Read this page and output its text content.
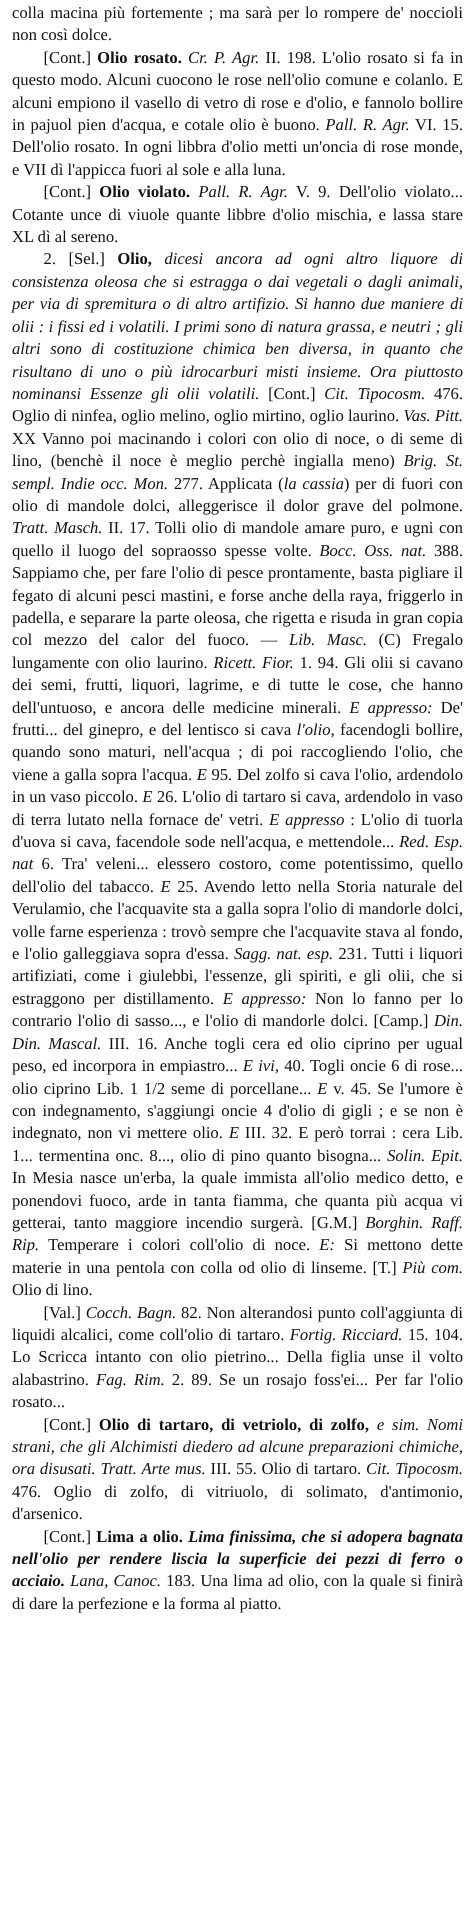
colla macina più fortemente ; ma sarà per lo rompere de' noccioli non così dolce.

[Cont.] Olio rosato. Cr. P. Agr. II. 198. L'olio rosato si fa in questo modo. Alcuni cuocono le rose nell'olio comune e colanlo. E alcuni empiono il vasello di vetro di rose e d'olio, e fannolo bollire in pajuol pien d'acqua, e cotale olio è buono. Pall. R. Agr. VI. 15. Dell'olio rosato. In ogni libbra d'olio metti un'oncia di rose monde, e VII dì l'appicca fuori al sole e alla luna.

[Cont.] Olio violato. Pall. R. Agr. V. 9. Dell'olio violato... Cotante unce di viuole quante libbre d'olio mischia, e lassa stare XL dì al sereno.

2. [Sel.] Olio, dicesi ancora ad ogni altro liquore di consistenza oleosa che si estragga o dai vegetali o dagli animali, per via di spremitura o di altro artifizio. Si hanno due maniere di olii : i fissi ed i volatili. I primi sono di natura grassa, e neutri ; gli altri sono di costituzione chimica ben diversa, in quanto che risultano di uno o più idrocarburi misti insieme. Ora piuttosto nominansi Essenze gli olii volatili. [Cont.] Cit. Tipocosm. 476. Oglio di ninfea, oglio melino, oglio mirtino, oglio laurino. Vas. Pitt. XX Vanno poi macinando i colori con olio di noce, o di seme di lino, (benchè il noce è meglio perchè ingialla meno) Brig. St. sempl. Indie occ. Mon. 277. Applicata (la cassia) per di fuori con olio di mandole dolci, alleggerisce il dolor grave del polmone. Tratt. Masch. II. 17. Tolli olio di mandole amare puro, e ugni con quello il luogo del sopraosso spesse volte. Bocc. Oss. nat. 388. Sappiamo che, per fare l'olio di pesce prontamente, basta pigliare il fegato di alcuni pesci mastini, e forse anche della raya, friggerlo in padella, e separare la parte oleosa, che rigetta e risuda in gran copia col mezzo del calor del fuoco. — Lib. Masc. (C) Fregalo lungamente con olio laurino. Ricett. Fior. 1. 94. Gli olii si cavano dei semi, frutti, liquori, lagrime, e di tutte le cose, che hanno dell'untuoso, e ancora delle medicine minerali. E appresso: De' frutti... del ginepro, e del lentisco si cava l'olio, facendogli bollire, quando sono maturi, nell'acqua ; di poi raccogliendo l'olio, che viene a galla sopra l'acqua. E 95. Del zolfo si cava l'olio, ardendolo in un vaso piccolo. E 26. L'olio di tartaro si cava, ardendolo in vaso di terra lutato nella fornace de' vetri. E appresso : L'olio di tuorla d'uova si cava, facendole sode nell'acqua, e mettendole... Red. Esp. nat 6. Tra' veleni... elessero costoro, come potentissimo, quello dell'olio del tabacco. E 25. Avendo letto nella Storia naturale del Verulamio, che l'acquavite sta a galla sopra l'olio di mandorle dolci, volle farne esperienza : trovò sempre che l'acquavite stava al fondo, e l'olio galleggiava sopra d'essa. Sagg. nat. esp. 231. Tutti i liquori artifiziati, come i giulebbi, l'essenze, gli spiriti, e gli olii, che si estraggono per distillamento. E appresso: Non lo fanno per lo contrario l'olio di sasso..., e l'olio di mandorle dolci. [Camp.] Din. Din. Mascal. III. 16. Anche togli cera ed olio ciprino per ugual peso, ed incorpora in empiastro... E ivi, 40. Togli oncie 6 di rose... olio ciprino Lib. 1 1/2 seme di porcellane... E v. 45. Se l'umore è con indegnamento, s'aggiungi oncie 4 d'olio di gigli ; e se non è indegnato, non vi mettere olio. E III. 32. E però torrai : cera Lib. 1... termentina onc. 8..., olio di pino quanto bisogna... Solin. Epit. In Mesia nasce un'erba, la quale immista all'olio medico detto, e ponendovi fuoco, arde in tanta fiamma, che quanta più acqua vi getterai, tanto maggiore incendio surgerà. [G.M.] Borghin. Raff. Rip. Temperare i colori coll'olio di noce. E: Si mettono dette materie in una pentola con colla od olio di linseme. [T.] Più com. Olio di lino.

[Val.] Cocch. Bagn. 82. Non alterandosi punto coll'aggiunta di liquidi alcalici, come coll'olio di tartaro. Fortig. Ricciard. 15. 104. Lo Scricca intanto con olio pietrino... Della figlia unse il volto alabastrino. Fag. Rim. 2. 89. Se un rosajo foss'ei... Per far l'olio rosato...

[Cont.] Olio di tartaro, di vetriolo, di zolfo, e sim. Nomi strani, che gli Alchimisti diedero ad alcune preparazioni chimiche, ora disusati. Tratt. Arte mus. III. 55. Olio di tartaro. Cit. Tipocosm. 476. Oglio di zolfo, di vitriuolo, di solimato, d'antimonio, d'arsenico.

[Cont.] Lima a olio. Lima finissima, che si adopera bagnata nell'olio per rendere liscia la superficie dei pezzi di ferro o acciaio. Lana, Canoc. 183. Una lima ad olio, con la quale si finirà di dare la perfezione e la forma al piatto.
